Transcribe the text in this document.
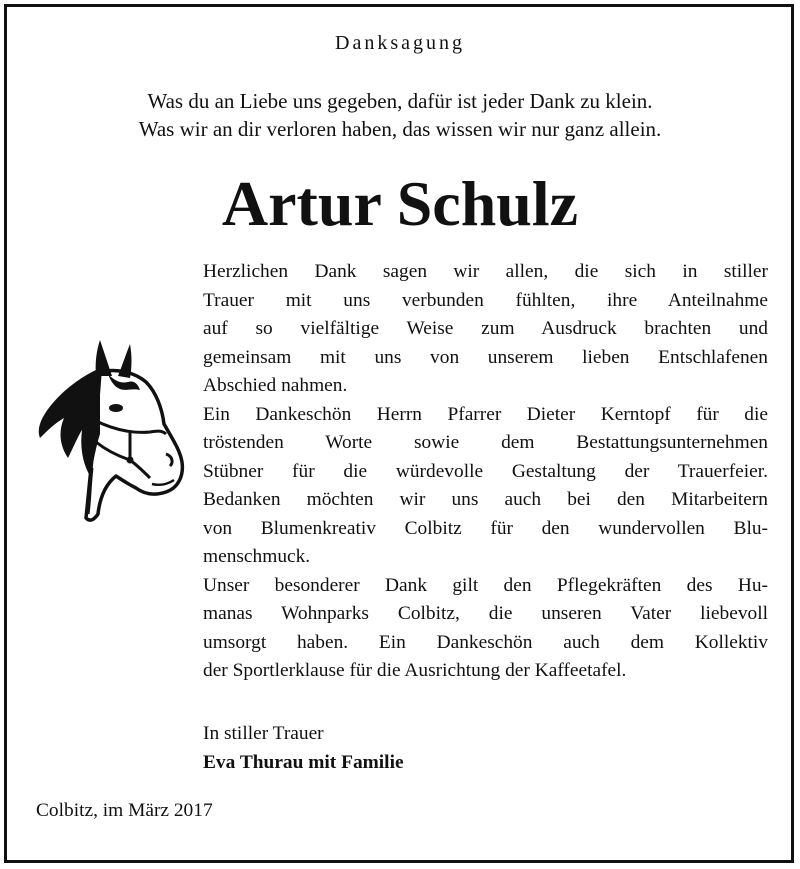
Danksagung
Was du an Liebe uns gegeben, dafür ist jeder Dank zu klein.
Was wir an dir verloren haben, das wissen wir nur ganz allein.
Artur Schulz
Herzlichen Dank sagen wir allen, die sich in stiller
Trauer mit uns verbunden fühlten, ihre Anteilnahme
auf so vielfältige Weise zum Ausdruck brachten und
gemeinsam mit uns von unserem lieben Entschlafenen
Abschied nahmen.
Ein Dankeschön Herrn Pfarrer Dieter Kerntopf für die
tröstenden Worte sowie dem Bestattungsunternehmen
Stübner für die würdevolle Gestaltung der Trauerfeier.
Bedanken möchten wir uns auch bei den Mitarbeitern
von Blumenkreativ Colbitz für den wundervollen Blu-
menschmuck.
Unser besonderer Dank gilt den Pflegekräften des Hu-
manas Wohnparks Colbitz, die unseren Vater liebevoll
umsorgt haben. Ein Dankeschön auch dem Kollektiv
der Sportlerklause für die Ausrichtung der Kaffeetafel.
In stiller Trauer
Eva Thurau mit Familie
Colbitz, im März 2017
